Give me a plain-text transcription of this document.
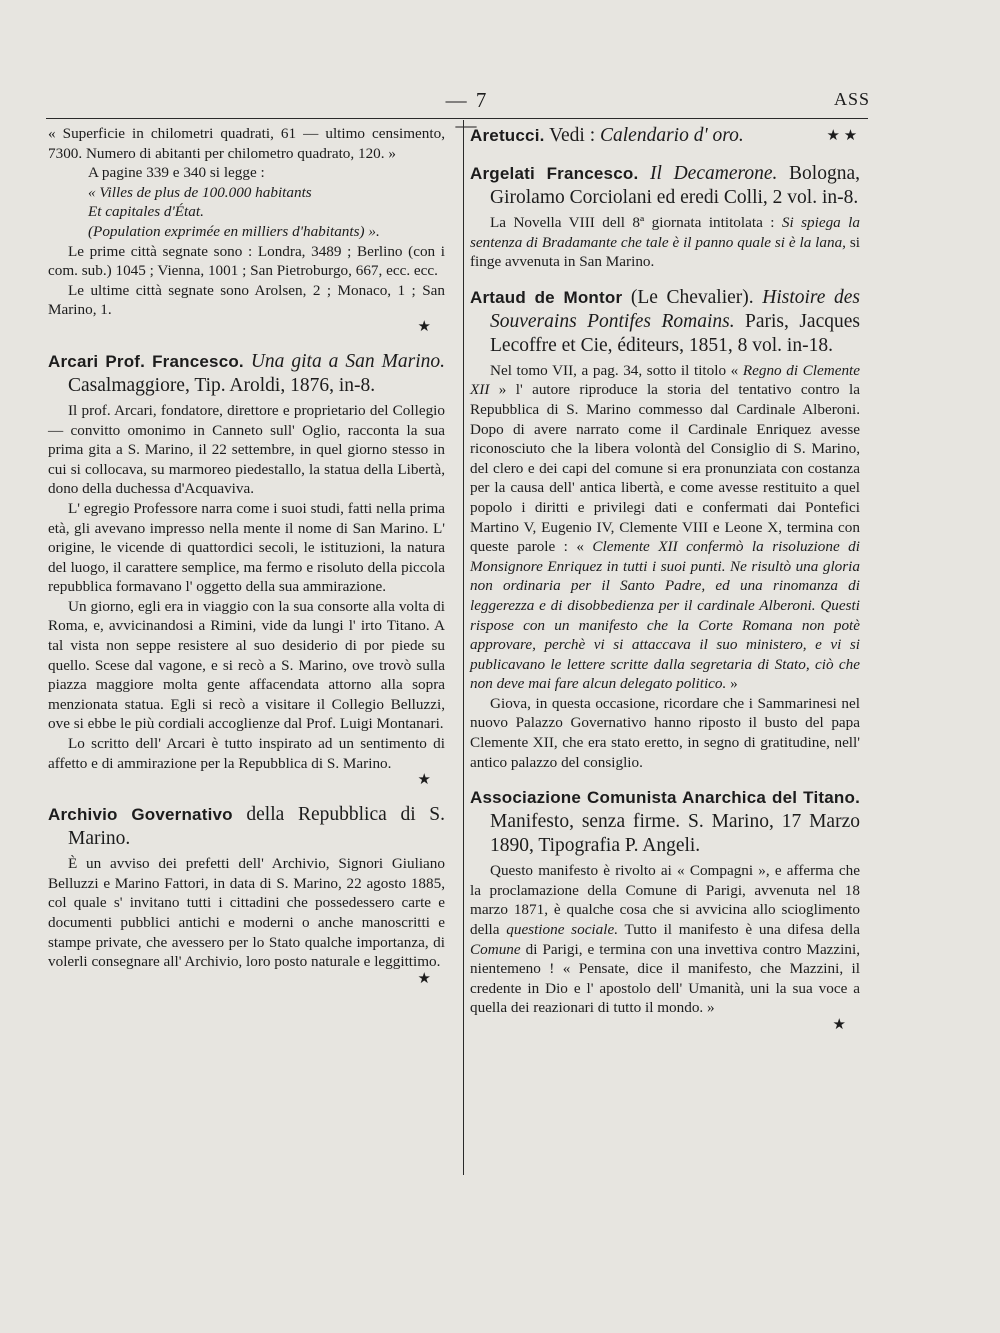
— 7 —
ASS

« Superficie in chilometri quadrati, 61 — ultimo censimento, 7300. Numero di abitanti per chilometro quadrato, 120. »

A pagine 339 e 340 si legge :

« Villes de plus de 100.000 habitants

Et capitales d'État.

(Population exprimée en milliers d'habitants) ».

Le prime città segnate sono : Londra, 3489 ; Berlino (con i com. sub.) 1045 ; Vienna, 1001 ; San Pietroburgo, 667, ecc. ecc.

Le ultime città segnate sono Arolsen, 2 ; Monaco, 1 ; San Marino, 1.

★
Arcari Prof. Francesco. Una gita a San Marino. Casalmaggiore, Tip. Aroldi, 1876, in-8.

Il prof. Arcari, fondatore, direttore e proprietario del Collegio — convitto omonimo in Canneto sull' Oglio, racconta la sua prima gita a S. Marino, il 22 settembre, in quel giorno stesso in cui si collocava, su marmoreo piedestallo, la statua della Libertà, dono della duchessa d'Acquaviva.

L' egregio Professore narra come i suoi studi, fatti nella prima età, gli avevano impresso nella mente il nome di San Marino. L' origine, le vicende di quattordici secoli, le istituzioni, la natura del luogo, il carattere semplice, ma fermo e risoluto della piccola repubblica formavano l' oggetto della sua ammirazione.

Un giorno, egli era in viaggio con la sua consorte alla volta di Roma, e, avvicinandosi a Rimini, vide da lungi l' irto Titano. A tal vista non seppe resistere al suo desiderio di por piede su quello. Scese dal vagone, e si recò a S. Marino, ove trovò sulla piazza maggiore molta gente affacendata attorno alla sopra menzionata statua. Egli si recò a visitare il Collegio Belluzzi, ove si ebbe le più cordiali accoglienze dal Prof. Luigi Montanari.

Lo scritto dell' Arcari è tutto inspirato ad un sentimento di affetto e di ammirazione per la Repubblica di S. Marino.

★
Archivio Governativo della Repubblica di S. Marino.

È un avviso dei prefetti dell' Archivio, Signori Giuliano Belluzzi e Marino Fattori, in data di S. Marino, 22 agosto 1885, col quale s' invitano tutti i cittadini che possedessero carte e documenti pubblici antichi e moderni o anche manoscritti e stampe private, che avessero per lo Stato qualche importanza, di volerli consegnare all' Archivio, loro posto naturale e leggittimo.

★
Aretucci. Vedi : Calendario d' oro.	★ ★
Argelati Francesco. Il Decamerone. Bologna, Girolamo Corciolani ed eredi Colli, 2 vol. in-8.

La Novella VIII dell 8ª giornata intitolata : Si spiega la sentenza di Bradamante che tale è il panno quale si è la lana, si finge avvenuta in San Marino.

Artaud de Montor (Le Chevalier). Histoire des Souverains Pontifes Romains. Paris, Jacques Lecoffre et Cie, éditeurs, 1851, 8 vol. in-18.

Nel tomo VII, a pag. 34, sotto il titolo « Regno di Clemente XII » l' autore riproduce la storia del tentativo contro la Repubblica di S. Marino commesso dal Cardinale Alberoni. Dopo di avere narrato come il Cardinale Enriquez avesse riconosciuto che la libera volontà del Consiglio di S. Marino, del clero e dei capi del comune si era pronunziata con costanza per la causa dell' antica libertà, e come avesse restituito a quel popolo i diritti e privilegi dati e confermati dai Pontefici Martino V, Eugenio IV, Clemente VIII e Leone X, termina con queste parole : « Clemente XII confermò la risoluzione di Monsignore Enriquez in tutti i suoi punti. Ne risultò una gloria non ordinaria per il Santo Padre, ed una rinomanza di leggerezza e di disobbedienza per il cardinale Alberoni. Questi rispose con un manifesto che la Corte Romana non potè approvare, perchè vi si attaccava il suo ministero, e vi si publicavano le lettere scritte dalla segretaria di Stato, ciò che non deve mai fare alcun delegato politico. »

Giova, in questa occasione, ricordare che i Sammarinesi nel nuovo Palazzo Governativo hanno riposto il busto del papa Clemente XII, che era stato eretto, in segno di gratitudine, nell' antico palazzo del consiglio.

Associazione Comunista Anarchica del Titano. Manifesto, senza firme. S. Marino, 17 Marzo 1890, Tipografia P. Angeli.

Questo manifesto è rivolto ai « Compagni », e afferma che la proclamazione della Comune di Parigi, avvenuta nel 18 marzo 1871, è qualche cosa che si avvicina allo scioglimento della questione sociale. Tutto il manifesto è una difesa della Comune di Parigi, e termina con una invettiva contro Mazzini, nientemeno ! « Pensate, dice il manifesto, che Mazzini, il credente in Dio e l' apostolo dell' Umanità, uni la sua voce a quella dei reazionari di tutto il mondo. »

★
